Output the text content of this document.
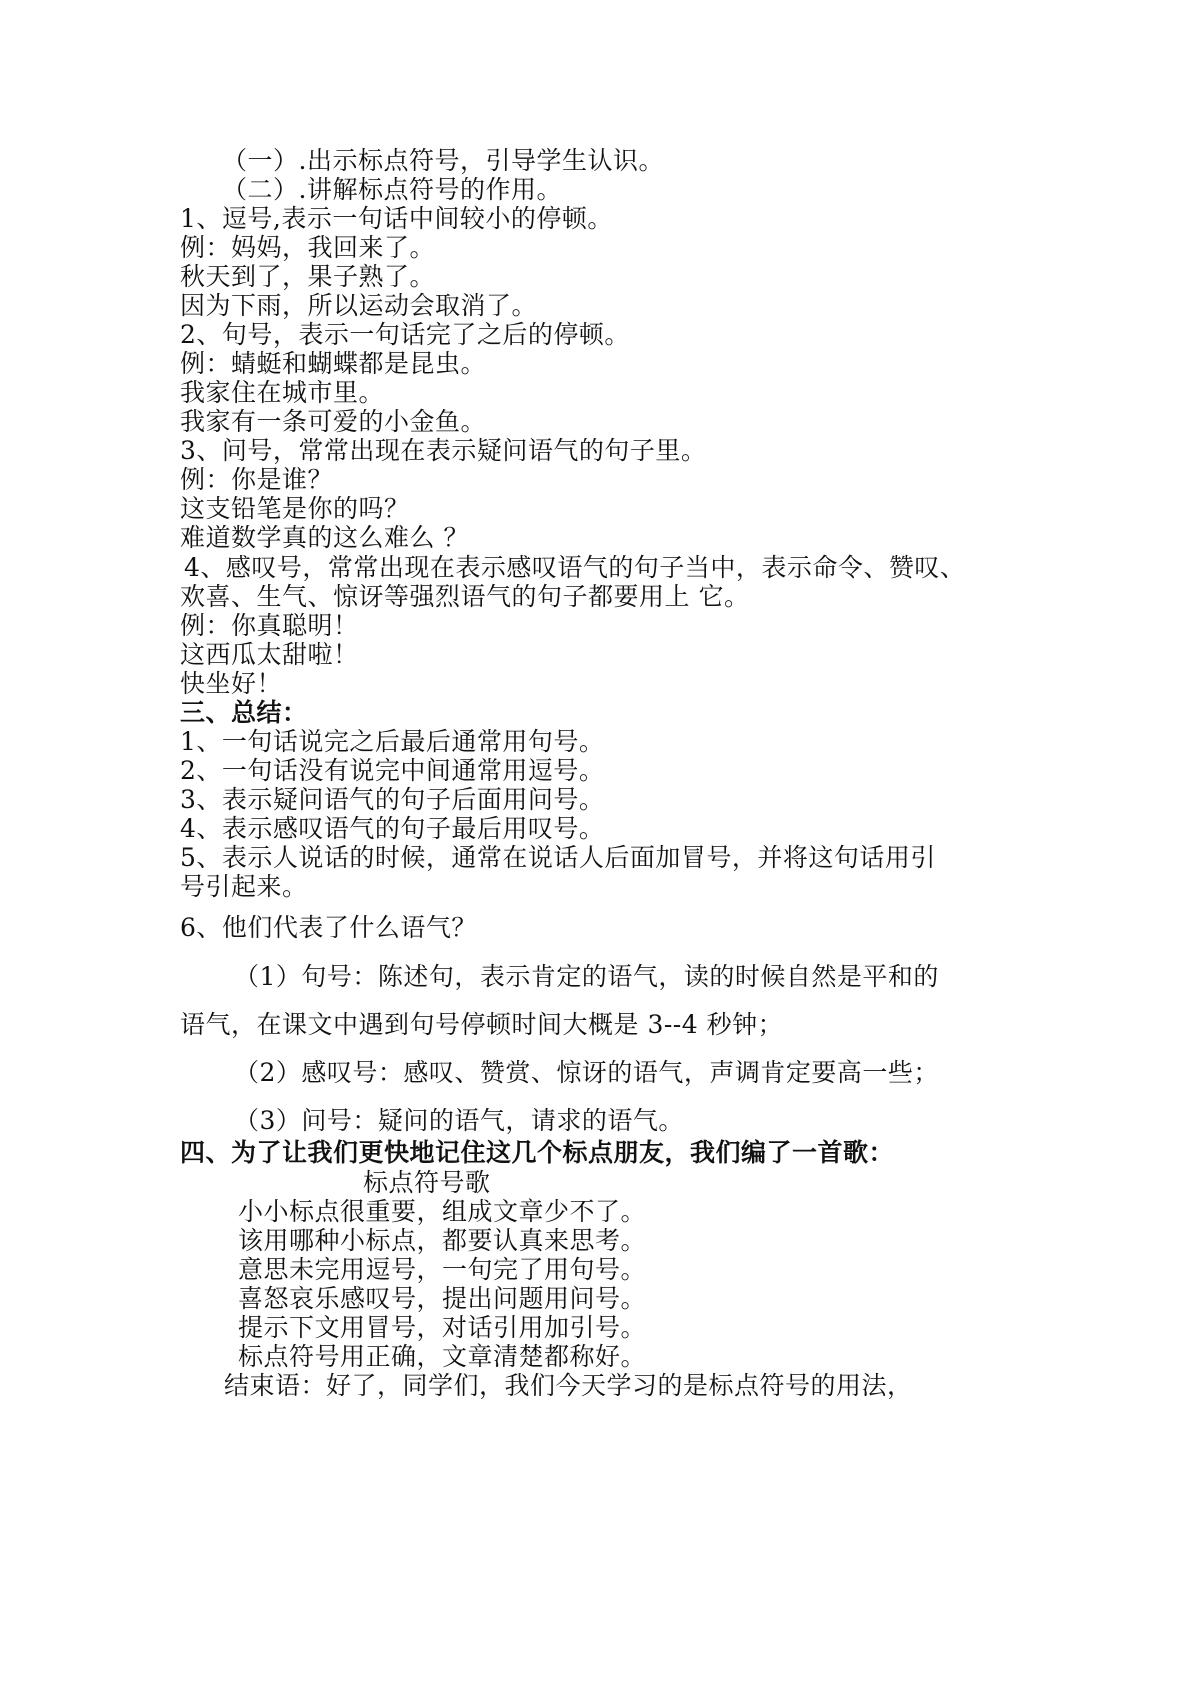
（一）.出示标点符号，引导学生认识。
（二）.讲解标点符号的作用。
1、逗号,表示一句话中间较小的停顿。
例：妈妈，我回来了。
秋天到了，果子熟了。
因为下雨，所以运动会取消了。
2、句号，表示一句话完了之后的停顿。
例：蜻蜓和蝴蝶都是昆虫。
我家住在城市里。
我家有一条可爱的小金鱼。
3、问号，常常出现在表示疑问语气的句子里。
例：你是谁？
这支铅笔是你的吗？
难道数学真的这么难么 ？
4、感叹号，常常出现在表示感叹语气的句子当中，表示命令、赞叹、
欢喜、生气、惊讶等强烈语气的句子都要用上 它。
例：你真聪明！
这西瓜太甜啦！
快坐好！
三、总结：
1、一句话说完之后最后通常用句号。
2、一句话没有说完中间通常用逗号。
3、表示疑问语气的句子后面用问号。
4、表示感叹语气的句子最后用叹号。
5、表示人说话的时候，通常在说话人后面加冒号，并将这句话用引
号引起来。
6、他们代表了什么语气？
（1）句号：陈述句，表示肯定的语气，读的时候自然是平和的
语气，在课文中遇到句号停顿时间大概是 3--4 秒钟；
（2）感叹号：感叹、赞赏、惊讶的语气，声调肯定要高一些；
（3）问号：疑问的语气，请求的语气。
四、为了让我们更快地记住这几个标点朋友，我们编了一首歌：
标点符号歌
小小标点很重要，组成文章少不了。
该用哪种小标点，都要认真来思考。
意思未完用逗号，一句完了用句号。
喜怒哀乐感叹号，提出问题用问号。
提示下文用冒号，对话引用加引号。
标点符号用正确，文章清楚都称好。
结束语：好了，同学们，我们今天学习的是标点符号的用法，
